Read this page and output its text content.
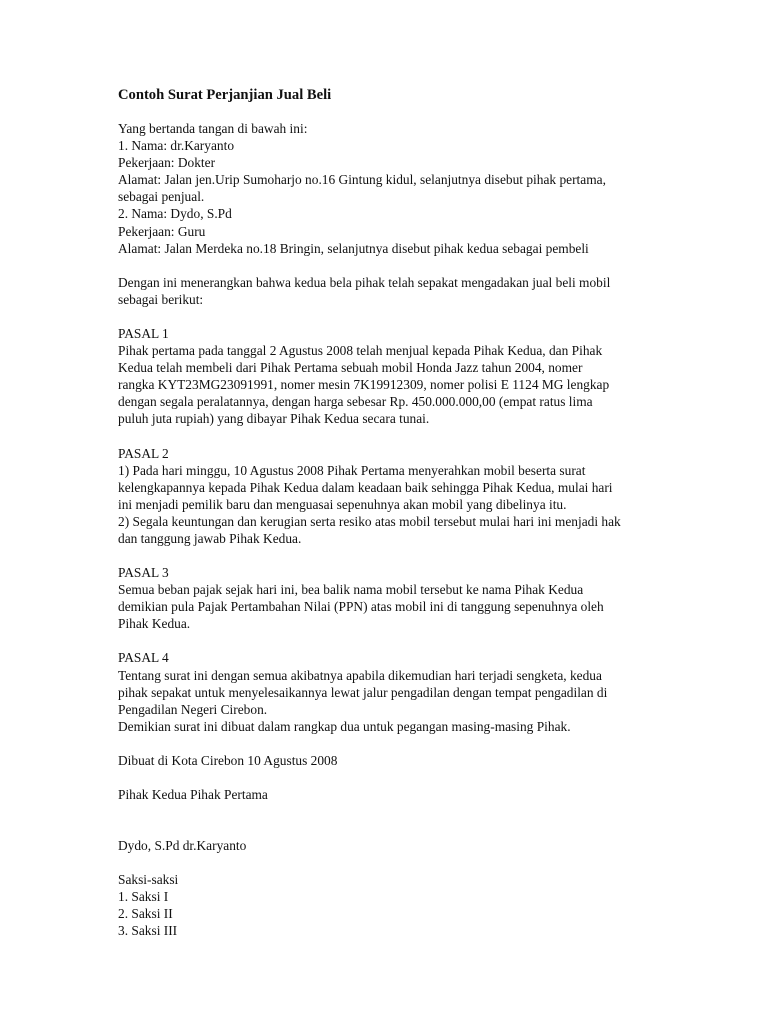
Contoh Surat Perjanjian Jual Beli
Yang bertanda tangan di bawah ini:
1. Nama: dr.Karyanto
Pekerjaan: Dokter
Alamat: Jalan jen.Urip Sumoharjo no.16 Gintung kidul, selanjutnya disebut pihak pertama,
sebagai penjual.
2. Nama: Dydo, S.Pd
Pekerjaan: Guru
Alamat: Jalan Merdeka no.18 Bringin, selanjutnya disebut pihak kedua sebagai pembeli
Dengan ini menerangkan bahwa kedua bela pihak telah sepakat mengadakan jual beli mobil
sebagai berikut:
PASAL 1
Pihak pertama pada tanggal 2 Agustus 2008 telah menjual kepada Pihak Kedua, dan Pihak
Kedua telah membeli dari Pihak Pertama sebuah mobil Honda Jazz tahun 2004, nomer
rangka KYT23MG23091991, nomer mesin 7K19912309, nomer polisi E 1124 MG lengkap
dengan segala peralatannya, dengan harga sebesar Rp. 450.000.000,00 (empat ratus lima
puluh juta rupiah) yang dibayar Pihak Kedua secara tunai.
PASAL 2
1) Pada hari minggu, 10 Agustus 2008 Pihak Pertama menyerahkan mobil beserta surat
kelengkapannya kepada Pihak Kedua dalam keadaan baik sehingga Pihak Kedua, mulai hari
ini menjadi pemilik baru dan menguasai sepenuhnya akan mobil yang dibelinya itu.
2) Segala keuntungan dan kerugian serta resiko atas mobil tersebut mulai hari ini menjadi hak
dan tanggung jawab Pihak Kedua.
PASAL 3
Semua beban pajak sejak hari ini, bea balik nama mobil tersebut ke nama Pihak Kedua
demikian pula Pajak Pertambahan Nilai (PPN) atas mobil ini di tanggung sepenuhnya oleh
Pihak Kedua.
PASAL 4
Tentang surat ini dengan semua akibatnya apabila dikemudian hari terjadi sengketa, kedua
pihak sepakat untuk menyelesaikannya lewat jalur pengadilan dengan tempat pengadilan di
Pengadilan Negeri Cirebon.
Demikian surat ini dibuat dalam rangkap dua untuk pegangan masing-masing Pihak.
Dibuat di Kota Cirebon 10 Agustus 2008
Pihak Kedua Pihak Pertama
Dydo, S.Pd dr.Karyanto
Saksi-saksi
1. Saksi I
2. Saksi II
3. Saksi III
